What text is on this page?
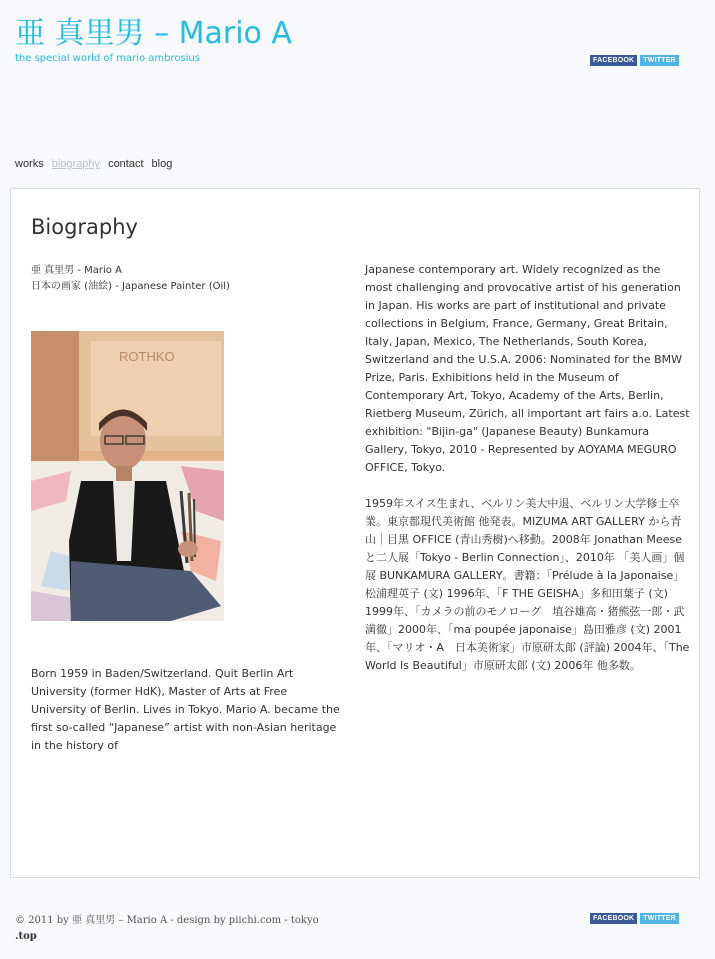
亜 真里男 – Mario A
the special world of mario ambrosius	FACEBOOK	TWITTER
works biography contact blog
Biography
亜 真里男 - Mario A
日本の画家 (油絵) - Japanese Painter (Oil)
ROTHKO
Born 1959 in Baden/Switzerland. Quit Berlin Art University (former HdK), Master of Arts at Free University of Berlin. Lives in Tokyo. Mario A. became the first so-called “Japanese” artist with non-Asian heritage in the history of

Japanese contemporary art. Widely recognized as the most challenging and provocative artist of his generation in Japan. His works are part of institutional and private collections in Belgium, France, Germany, Great Britain, Italy, Japan, Mexico, The Netherlands, South Korea, Switzerland and the U.S.A. 2006: Nominated for the BMW Prize, Paris. Exhibitions held in the Museum of Contemporary Art, Tokyo, Academy of the Arts, Berlin, Rietberg Museum, Zürich, all important art fairs a.o. Latest exhibition: "Bijin-ga" (Japanese Beauty) Bunkamura Gallery, Tokyo, 2010 - Represented by AOYAMA MEGURO OFFICE, Tokyo.

1959年スイス生まれ、ベルリン美大中退、ベルリン大学修士卒業。東京都現代美術館 他発表。MIZUMA ART GALLERY から青山｜目黒 OFFICE (青山秀樹)へ移動。2008年 Jonathan Meeseと二人展「Tokyo - Berlin Connection」、2010年 「美人画」個展 BUNKAMURA GALLERY。書籍：「Prélude à la Japonaise」松浦理英子 (文) 1996年、「F THE GEISHA」多和田葉子 (文) 1999年、「カメラの前のモノローグ　埴谷雄高・猪熊弦一郎・武満徹」2000年、「ma poupée japonaise」島田雅彦 (文) 2001年、「マリオ・A　日本美術家」市原研太郎 (評論) 2004年、「The World Is Beautiful」市原研太郎 (文) 2006年 他多数。

© 2011 by 亜 真里男 – Mario A - design by piichi.com - tokyo
.top
FACEBOOK	TWITTER
